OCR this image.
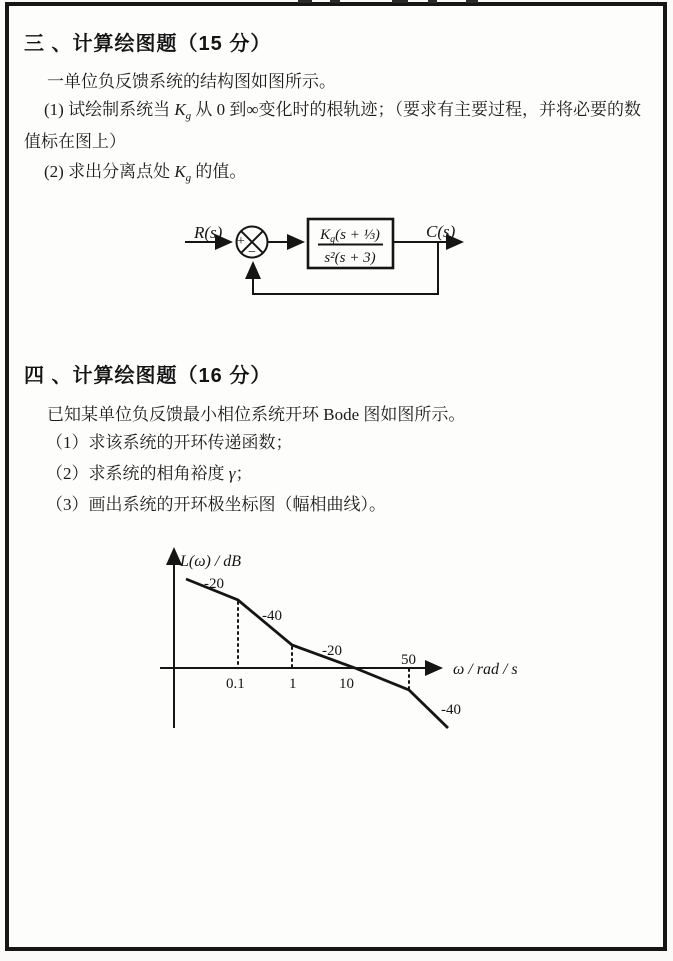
三 、计算绘图题（15 分）
一单位负反馈系统的结构图如图所示。
(1) 试绘制系统当 $K_g$ 从 0 到∞变化时的根轨迹；（要求有主要过程，并将必要的数
值标在图上）
(2) 求出分离点处 $K_g$ 的值。
R(s) +
−
$K_g(s$ + ⅓)
s²(s + 3)
C(s)
四 、计算绘图题（16 分）
已知某单位负反馈最小相位系统开环 Bode 图如图所示。
（1）求该系统的开环传递函数；
（2）求系统的相角裕度 γ；
（3）画出系统的开环极坐标图（幅相曲线）。
L(ω) / dB
ω / rad / s
-20
-40
-20
-40
0.1	1	10
50
